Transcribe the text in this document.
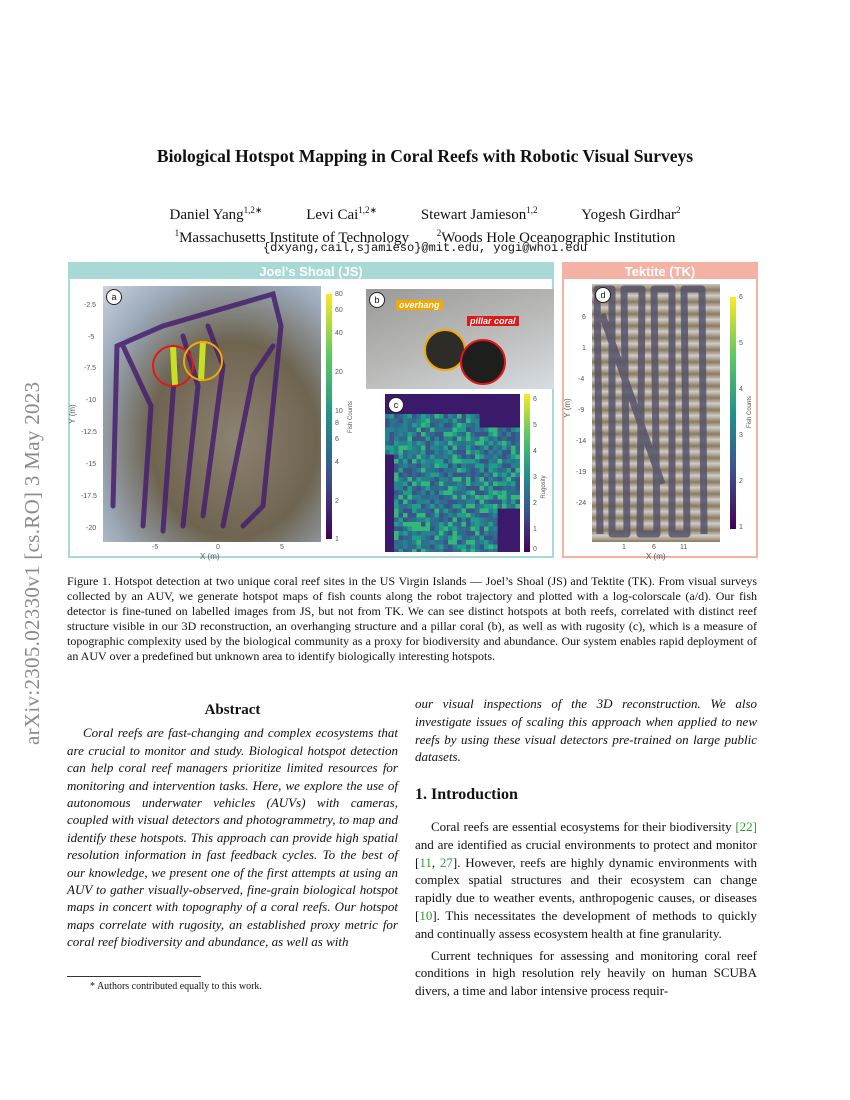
arXiv:2305.02330v1 [cs.RO] 3 May 2023
Biological Hotspot Mapping in Coral Reefs with Robotic Visual Surveys
Daniel Yang$^{1,2∗}$	Levi Cai$^{1,2∗}$	Stewart Jamieson$^{1,2}$	Yogesh Girdhar$^2$
$^1$Massachusetts Institute of Technology	$^2$Woods Hole Oceanographic Institution
{dxyang,cail,sjamieso}@mit.edu, yogi@whoi.edu
Joel's Shoal (JS)
a
Y (m)
-2.5
-5
-7.5
-10
-12.5
-15
-17.5
-20
-5	0	5
X (m)
80
60
40
20
10
8
6
4
2
1
Fish Counts
b	overhang
pillar coral
c
6
5
4
3
2
1
0
Rugosity
Tektite (TK)
d
Y (m)
6
1
-4
-9
-14
-19
-24
1	6	11
X (m)
6
5
4
3
2
1
Fish Counts
Figure 1. Hotspot detection at two unique coral reef sites in the US Virgin Islands — Joel’s Shoal (JS) and Tektite (TK). From visual surveys collected by an AUV, we generate hotspot maps of fish counts along the robot trajectory and plotted with a log-colorscale (a/d). Our fish detector is fine-tuned on labelled images from JS, but not from TK. We can see distinct hotspots at both reefs, correlated with distinct reef structure visible in our 3D reconstruction, an overhanging structure and a pillar coral (b), as well as with rugosity (c), which is a measure of topographic complexity used by the biological community as a proxy for biodiversity and abundance. Our system enables rapid deployment of an AUV over a predefined but unknown area to identify biologically interesting hotspots.
Abstract
Coral reefs are fast-changing and complex ecosystems that are crucial to monitor and study. Biological hotspot detection can help coral reef managers prioritize limited resources for monitoring and intervention tasks. Here, we explore the use of autonomous underwater vehicles (AUVs) with cameras, coupled with visual detectors and photogrammetry, to map and identify these hotspots. This approach can provide high spatial resolution information in fast feedback cycles. To the best of our knowledge, we present one of the first attempts at using an AUV to gather visually-observed, fine-grain biological hotspot maps in concert with topography of a coral reefs. Our hotspot maps correlate with rugosity, an established proxy metric for coral reef biodiversity and abundance, as well as with
* Authors contributed equally to this work.
our visual inspections of the 3D reconstruction. We also investigate issues of scaling this approach when applied to new reefs by using these visual detectors pre-trained on large public datasets.
1. Introduction
Coral reefs are essential ecosystems for their biodiversity [22] and are identified as crucial environments to protect and monitor [11, 27]. However, reefs are highly dynamic environments with complex spatial structures and their ecosystem can change rapidly due to weather events, anthropogenic causes, or diseases [10]. This necessitates the development of methods to quickly and continually assess ecosystem health at fine granularity.
Current techniques for assessing and monitoring coral reef conditions in high resolution rely heavily on human SCUBA divers, a time and labor intensive process requir-
